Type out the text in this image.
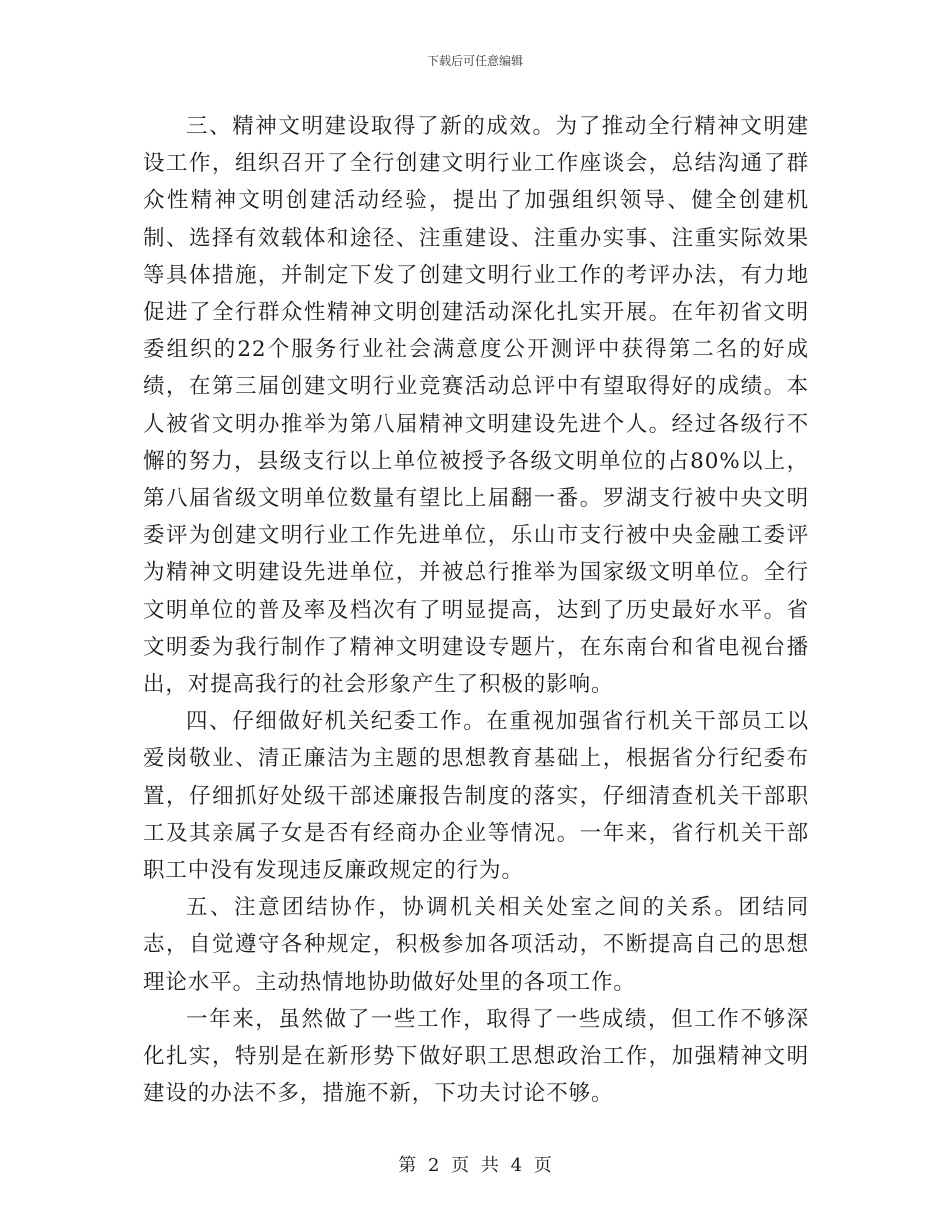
下载后可任意编辑

三、精神文明建设取得了新的成效。为了推动全行精神文明建设工作，组织召开了全行创建文明行业工作座谈会，总结沟通了群众性精神文明创建活动经验，提出了加强组织领导、健全创建机制、选择有效载体和途径、注重建设、注重办实事、注重实际效果等具体措施，并制定下发了创建文明行业工作的考评办法，有力地促进了全行群众性精神文明创建活动深化扎实开展。在年初省文明委组织的22个服务行业社会满意度公开测评中获得第二名的好成绩，在第三届创建文明行业竞赛活动总评中有望取得好的成绩。本人被省文明办推举为第八届精神文明建设先进个人。经过各级行不懈的努力，县级支行以上单位被授予各级文明单位的占80%以上，第八届省级文明单位数量有望比上届翻一番。罗湖支行被中央文明委评为创建文明行业工作先进单位，乐山市支行被中央金融工委评为精神文明建设先进单位，并被总行推举为国家级文明单位。全行文明单位的普及率及档次有了明显提高，达到了历史最好水平。省文明委为我行制作了精神文明建设专题片，在东南台和省电视台播出，对提高我行的社会形象产生了积极的影响。

四、仔细做好机关纪委工作。在重视加强省行机关干部员工以爱岗敬业、清正廉洁为主题的思想教育基础上，根据省分行纪委布置，仔细抓好处级干部述廉报告制度的落实，仔细清查机关干部职工及其亲属子女是否有经商办企业等情况。一年来，省行机关干部职工中没有发现违反廉政规定的行为。

五、注意团结协作，协调机关相关处室之间的关系。团结同志，自觉遵守各种规定，积极参加各项活动，不断提高自己的思想理论水平。主动热情地协助做好处里的各项工作。

一年来，虽然做了一些工作，取得了一些成绩，但工作不够深化扎实，特别是在新形势下做好职工思想政治工作，加强精神文明建设的办法不多，措施不新，下功夫讨论不够。

第 2 页 共 4 页
